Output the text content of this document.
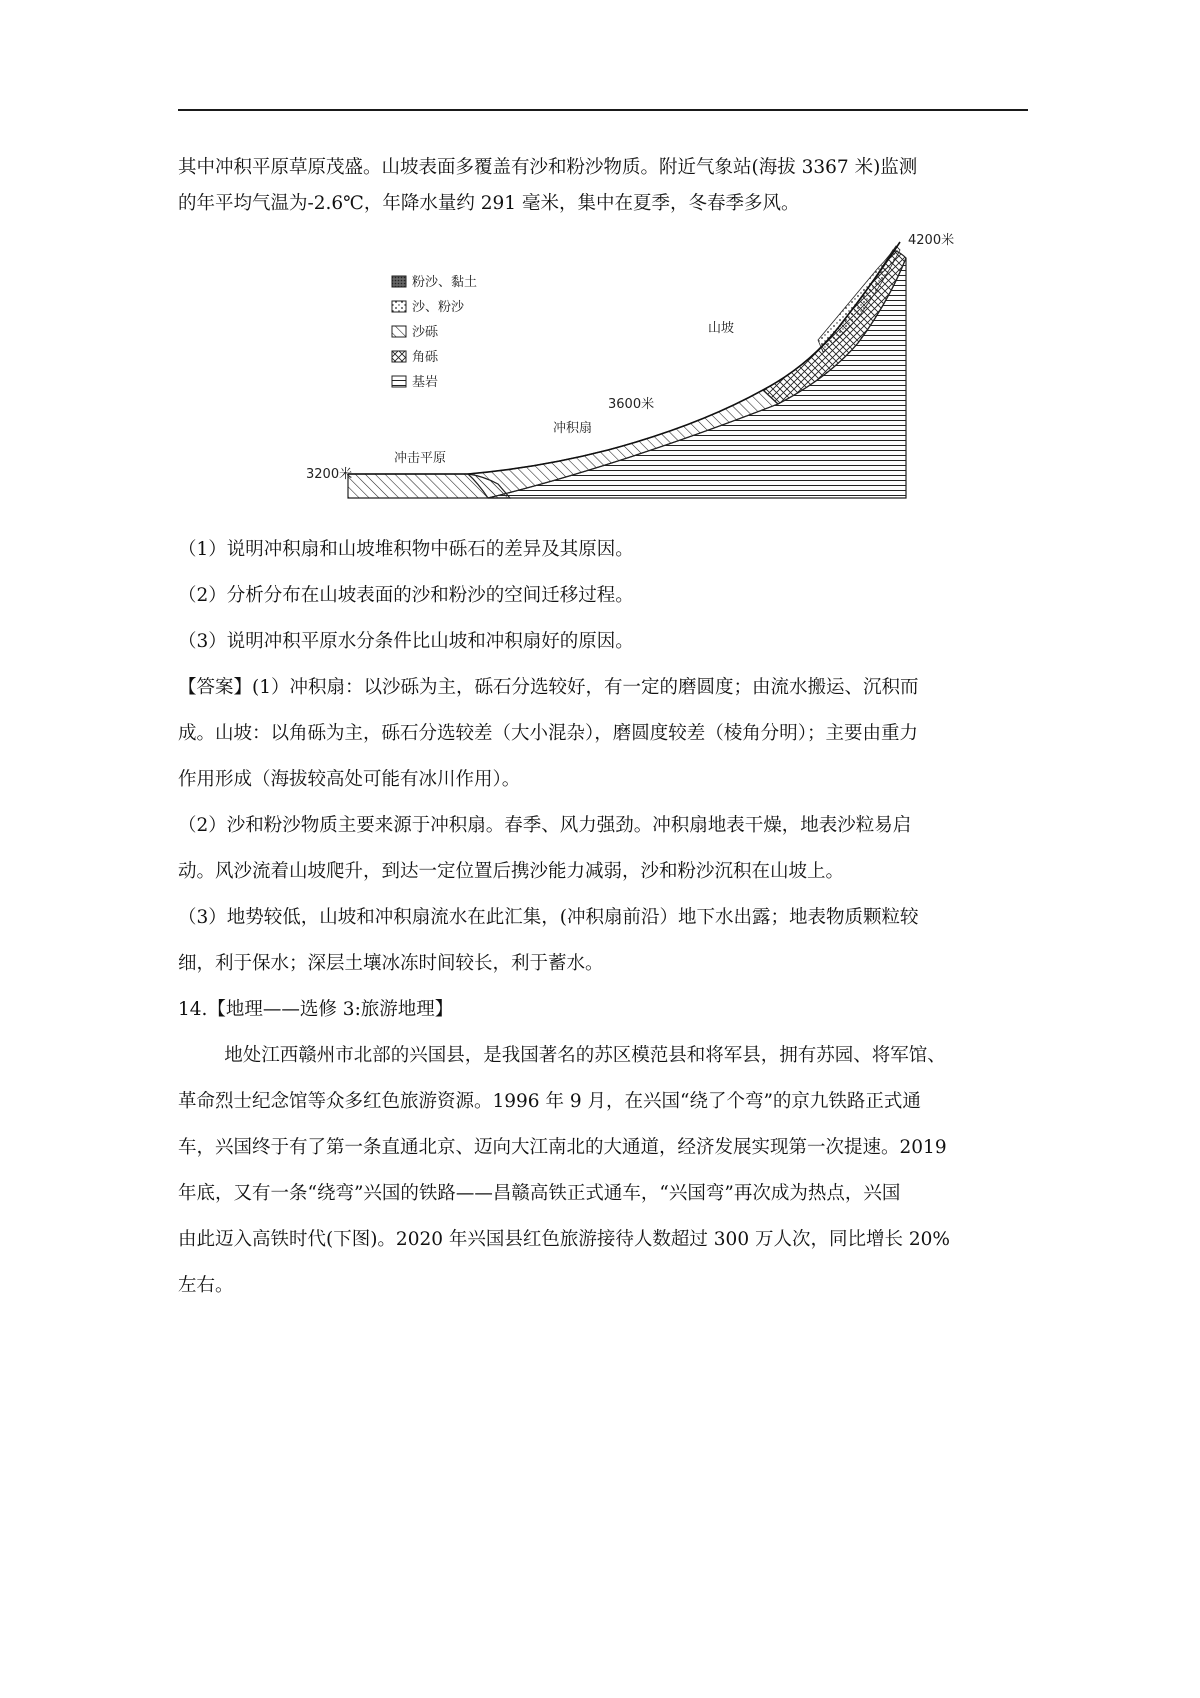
其中冲积平原草原茂盛。山坡表面多覆盖有沙和粉沙物质。附近气象站(海拔 3367 米)监测

的年平均气温为-2.6℃，年降水量约 291 毫米，集中在夏季，冬春季多风。

粉沙、黏土
沙、粉沙
沙砾
角砾
基岩
4200米
3600米
3200米
冲击平原
冲积扇
山坡

（1）说明冲积扇和山坡堆积物中砾石的差异及其原因。

（2）分析分布在山坡表面的沙和粉沙的空间迁移过程。

（3）说明冲积平原水分条件比山坡和冲积扇好的原因。

【答案】(1）冲积扇：以沙砾为主，砾石分选较好，有一定的磨圆度；由流水搬运、沉积而

成。山坡：以角砾为主，砾石分选较差（大小混杂），磨圆度较差（棱角分明）；主要由重力

作用形成（海拔较高处可能有冰川作用）。

（2）沙和粉沙物质主要来源于冲积扇。春季、风力强劲。冲积扇地表干燥，地表沙粒易启

动。风沙流着山坡爬升，到达一定位置后携沙能力减弱，沙和粉沙沉积在山坡上。

（3）地势较低，山坡和冲积扇流水在此汇集，(冲积扇前沿）地下水出露；地表物质颗粒较

细，利于保水；深层土壤冰冻时间较长，利于蓄水。

14.【地理——选修 3:旅游地理】

地处江西赣州市北部的兴国县，是我国著名的苏区模范县和将军县，拥有苏园、将军馆、

革命烈士纪念馆等众多红色旅游资源。1996 年 9 月，在兴国“绕了个弯”的京九铁路正式通

车，兴国终于有了第一条直通北京、迈向大江南北的大通道，经济发展实现第一次提速。2019

年底，又有一条“绕弯”兴国的铁路——昌赣高铁正式通车，“兴国弯”再次成为热点，兴国

由此迈入高铁时代(下图)。2020 年兴国县红色旅游接待人数超过 300 万人次，同比增长 20%

左右。
